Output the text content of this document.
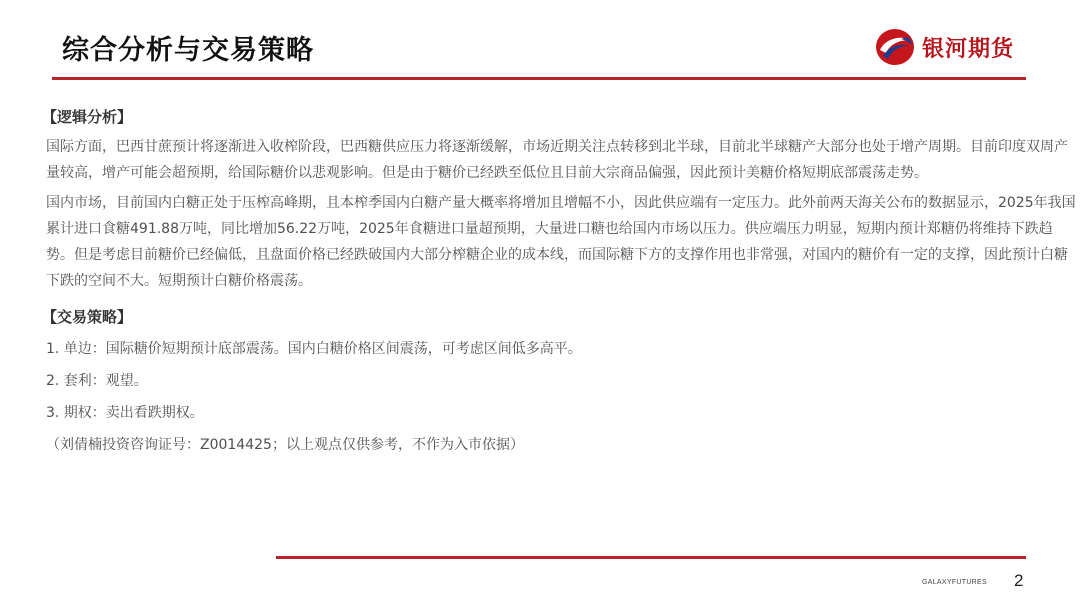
综合分析与交易策略	银河期货
【逻辑分析】

国际方面，巴西甘蔗预计将逐渐进入收榨阶段，巴西糖供应压力将逐渐缓解，市场近期关注点转移到北半球，目前北半球糖产大部分也处于增产周期。目前印度双周产量较高，增产可能会超预期，给国际糖价以悲观影响。但是由于糖价已经跌至低位且目前大宗商品偏强，因此预计美糖价格短期底部震荡走势。

国内市场，目前国内白糖正处于压榨高峰期，且本榨季国内白糖产量大概率将增加且增幅不小，因此供应端有一定压力。此外前两天海关公布的数据显示，2025年我国累计进口食糖491.88万吨，同比增加56.22万吨，2025年食糖进口量超预期，大量进口糖也给国内市场以压力。供应端压力明显，短期内预计郑糖仍将维持下跌趋势。但是考虑目前糖价已经偏低，且盘面价格已经跌破国内大部分榨糖企业的成本线，而国际糖下方的支撑作用也非常强，对国内的糖价有一定的支撑，因此预计白糖下跌的空间不大。短期预计白糖价格震荡。

【交易策略】
1. 单边：国际糖价短期预计底部震荡。国内白糖价格区间震荡，可考虑区间低多高平。
2. 套利：观望。
3. 期权：卖出看跌期权。
（刘倩楠投资咨询证号：Z0014425；以上观点仅供参考，不作为入市依据）
GALAXYFUTURES 2
